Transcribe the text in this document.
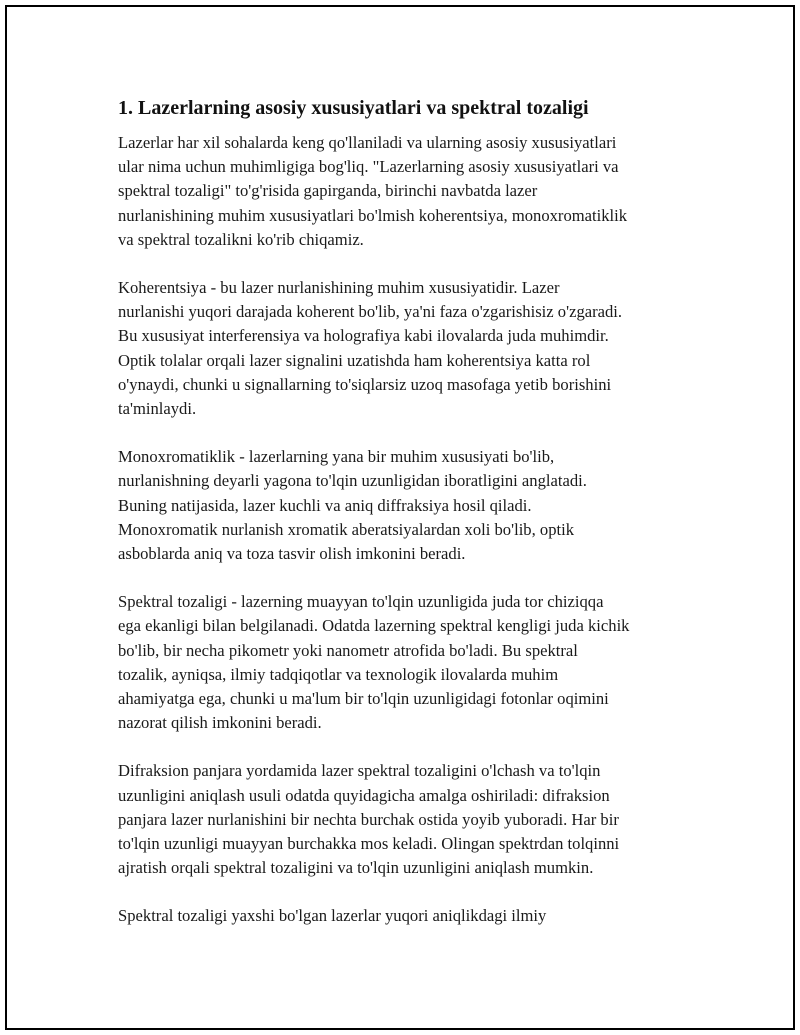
1. Lazerlarning asosiy xususiyatlari va spektral tozaligi

Lazerlar har xil sohalarda keng qo'llaniladi va ularning asosiy xususiyatlari
ular nima uchun muhimligiga bog'liq. "Lazerlarning asosiy xususiyatlari va
spektral tozaligi" to'g'risida gapirganda, birinchi navbatda lazer
nurlanishining muhim xususiyatlari bo'lmish koherentsiya, monoxromatiklik
va spektral tozalikni ko'rib chiqamiz.

Koherentsiya - bu lazer nurlanishining muhim xususiyatidir. Lazer
nurlanishi yuqori darajada koherent bo'lib, ya'ni faza o'zgarishisiz o'zgaradi.
Bu xususiyat interferensiya va holografiya kabi ilovalarda juda muhimdir.
Optik tolalar orqali lazer signalini uzatishda ham koherentsiya katta rol
o'ynaydi, chunki u signallarning to'siqlarsiz uzoq masofaga yetib borishini
ta'minlaydi.

Monoxromatiklik - lazerlarning yana bir muhim xususiyati bo'lib,
nurlanishning deyarli yagona to'lqin uzunligidan iboratligini anglatadi.
Buning natijasida, lazer kuchli va aniq diffraksiya hosil qiladi.
Monoxromatik nurlanish xromatik aberatsiyalardan xoli bo'lib, optik
asboblarda aniq va toza tasvir olish imkonini beradi.

Spektral tozaligi - lazerning muayyan to'lqin uzunligida juda tor chiziqqa
ega ekanligi bilan belgilanadi. Odatda lazerning spektral kengligi juda kichik
bo'lib, bir necha pikometr yoki nanometr atrofida bo'ladi. Bu spektral
tozalik, ayniqsa, ilmiy tadqiqotlar va texnologik ilovalarda muhim
ahamiyatga ega, chunki u ma'lum bir to'lqin uzunligidagi fotonlar oqimini
nazorat qilish imkonini beradi.

Difraksion panjara yordamida lazer spektral tozaligini o'lchash va to'lqin
uzunligini aniqlash usuli odatda quyidagicha amalga oshiriladi: difraksion
panjara lazer nurlanishini bir nechta burchak ostida yoyib yuboradi. Har bir
to'lqin uzunligi muayyan burchakka mos keladi. Olingan spektrdan tolqinni
ajratish orqali spektral tozaligini va to'lqin uzunligini aniqlash mumkin.

Spektral tozaligi yaxshi bo'lgan lazerlar yuqori aniqlikdagi ilmiy
